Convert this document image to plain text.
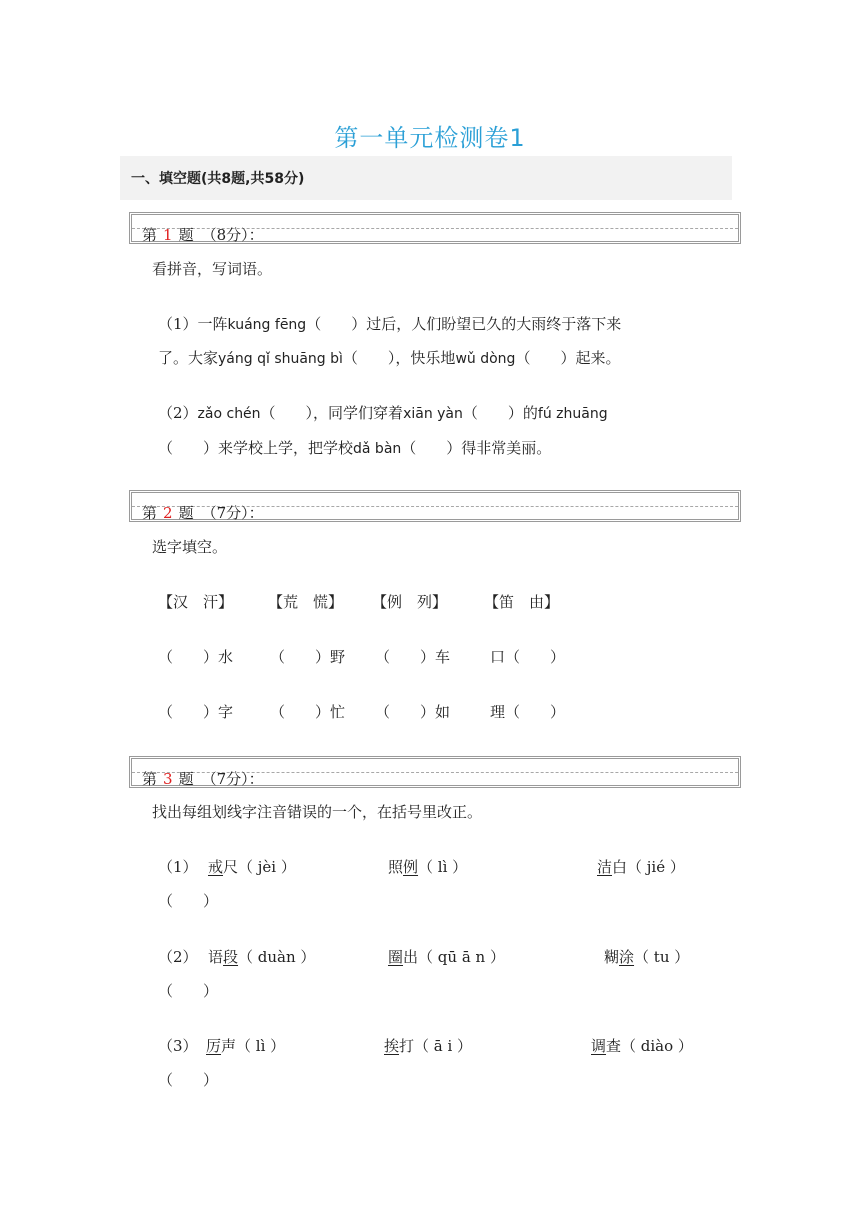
第一单元检测卷1
一、填空题(共8题,共58分)
第 1 题 （8分）：
看拼音，写词语。
（1）一阵kuáng fēng（　　）过后，人们盼望已久的大雨终于落下来
了。大家yáng qǐ shuāng bì（　　），快乐地wǔ dòng（　　）起来。
（2）zǎo chén（　　），同学们穿着xiān yàn（　　）的fú zhuāng
（　　）来学校上学，把学校dǎ bàn（　　）得非常美丽。
第 2 题 （7分）：
选字填空。
【汉　汗】 【荒　慌】 【例　列】 【笛　由】
（　　）水 （　　）野 （　　）车	口（　　）
（　　）字 （　　）忙 （　　）如	理（　　）
第 3 题 （7分）：
找出每组划线字注音错误的一个，在括号里改正。
（1） 戒尺（ jèi ）	照例（ lì ）	洁白（ jié ）
（　　）
（2） 语段（ duàn ）	圈出（ qū ā n ）	糊涂（ tu ）
（　　）
（3） 厉声（ lì ）	挨打（ ā i ）	调查（ diào ）
（　　）
